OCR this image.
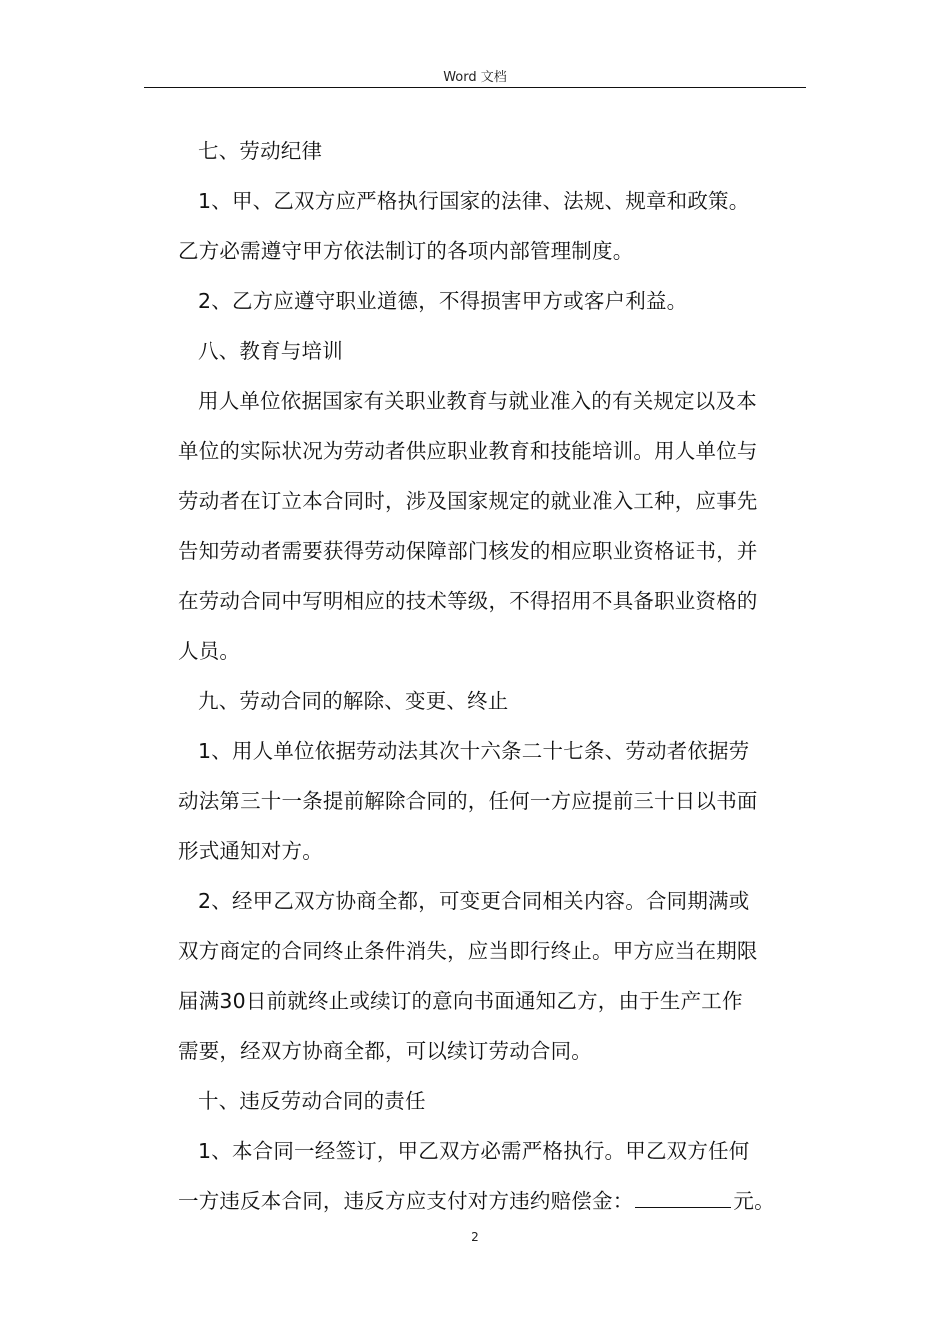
Word 文档
七、劳动纪律
1、甲、乙双方应严格执行国家的法律、法规、规章和政策。
乙方必需遵守甲方依法制订的各项内部管理制度。
2、乙方应遵守职业道德，不得损害甲方或客户利益。
八、教育与培训
用人单位依据国家有关职业教育与就业准入的有关规定以及本
单位的实际状况为劳动者供应职业教育和技能培训。用人单位与
劳动者在订立本合同时，涉及国家规定的就业准入工种，应事先
告知劳动者需要获得劳动保障部门核发的相应职业资格证书，并
在劳动合同中写明相应的技术等级，不得招用不具备职业资格的
人员。
九、劳动合同的解除、变更、终止
1、用人单位依据劳动法其次十六条二十七条、劳动者依据劳
动法第三十一条提前解除合同的，任何一方应提前三十日以书面
形式通知对方。
2、经甲乙双方协商全都，可变更合同相关内容。合同期满或
双方商定的合同终止条件消失，应当即行终止。甲方应当在期限
届满30日前就终止或续订的意向书面通知乙方，由于生产工作
需要，经双方协商全都，可以续订劳动合同。
十、违反劳动合同的责任
1、本合同一经签订，甲乙双方必需严格执行。甲乙双方任何
一方违反本合同，违反方应支付对方违约赔偿金：	元。
2
